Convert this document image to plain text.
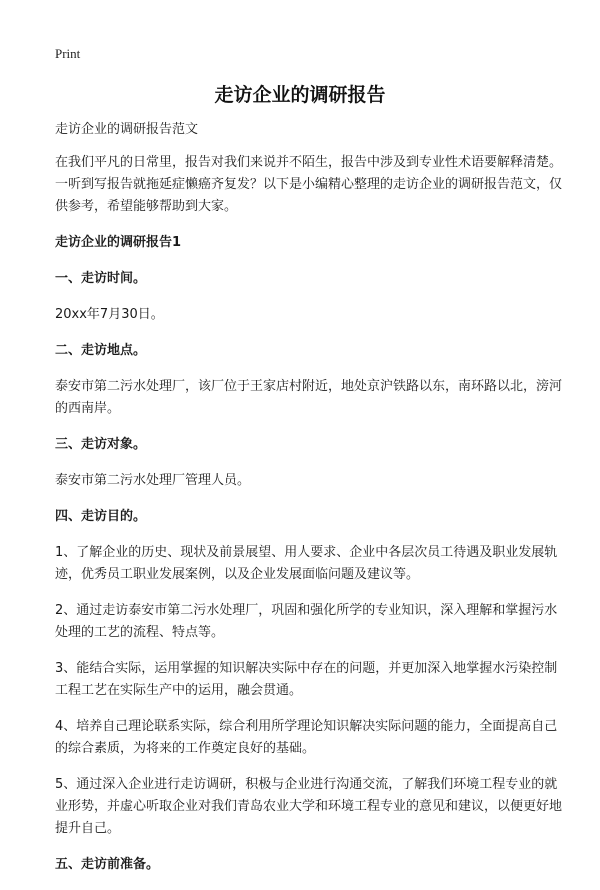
Print
走访企业的调研报告

走访企业的调研报告范文

在我们平凡的日常里，报告对我们来说并不陌生，报告中涉及到专业性术语要解释清楚。一听到写报告就拖延症懒癌齐复发？以下是小编精心整理的走访企业的调研报告范文，仅供参考，希望能够帮助到大家。

走访企业的调研报告1
一、走访时间。

20xx年7月30日。

二、走访地点。

泰安市第二污水处理厂，该厂位于王家店村附近，地处京沪铁路以东，南环路以北，滂河的西南岸。

三、走访对象。

泰安市第二污水处理厂管理人员。

四、走访目的。

1、了解企业的历史、现状及前景展望、用人要求、企业中各层次员工待遇及职业发展轨迹，优秀员工职业发展案例，以及企业发展面临问题及建议等。

2、通过走访泰安市第二污水处理厂，巩固和强化所学的专业知识，深入理解和掌握污水处理的工艺的流程、特点等。

3、能结合实际，运用掌握的知识解决实际中存在的问题，并更加深入地掌握水污染控制工程工艺在实际生产中的运用，融会贯通。

4、培养自己理论联系实际，综合利用所学理论知识解决实际问题的能力，全面提高自己的综合素质，为将来的工作奠定良好的基础。

5、通过深入企业进行走访调研，积极与企业进行沟通交流，了解我们环境工程专业的就业形势，并虚心听取企业对我们青岛农业大学和环境工程专业的意见和建议，以便更好地提升自己。

五、走访前准备。
